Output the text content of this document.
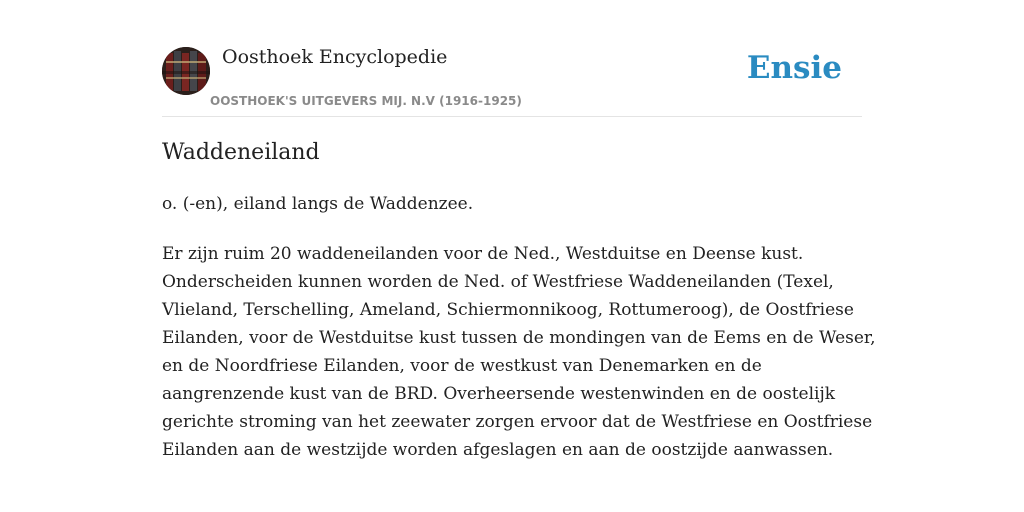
Oosthoek Encyclopedie
OOSTHOEK'S UITGEVERS MIJ. N.V (1916-1925)
Ensie
Waddeneiland

o. (-en), eiland langs de Waddenzee.

Er zijn ruim 20 waddeneilanden voor de Ned., Westduitse en Deense kust.
Onderscheiden kunnen worden de Ned. of Westfriese Waddeneilanden (Texel,
Vlieland, Terschelling, Ameland, Schiermonnikoog, Rottumeroog), de Oostfriese
Eilanden, voor de Westduitse kust tussen de mondingen van de Eems en de Weser,
en de Noordfriese Eilanden, voor de westkust van Denemarken en de
aangrenzende kust van de BRD. Overheersende westenwinden en de oostelijk
gerichte stroming van het zeewater zorgen ervoor dat de Westfriese en Oostfriese
Eilanden aan de westzijde worden afgeslagen en aan de oostzijde aanwassen.
